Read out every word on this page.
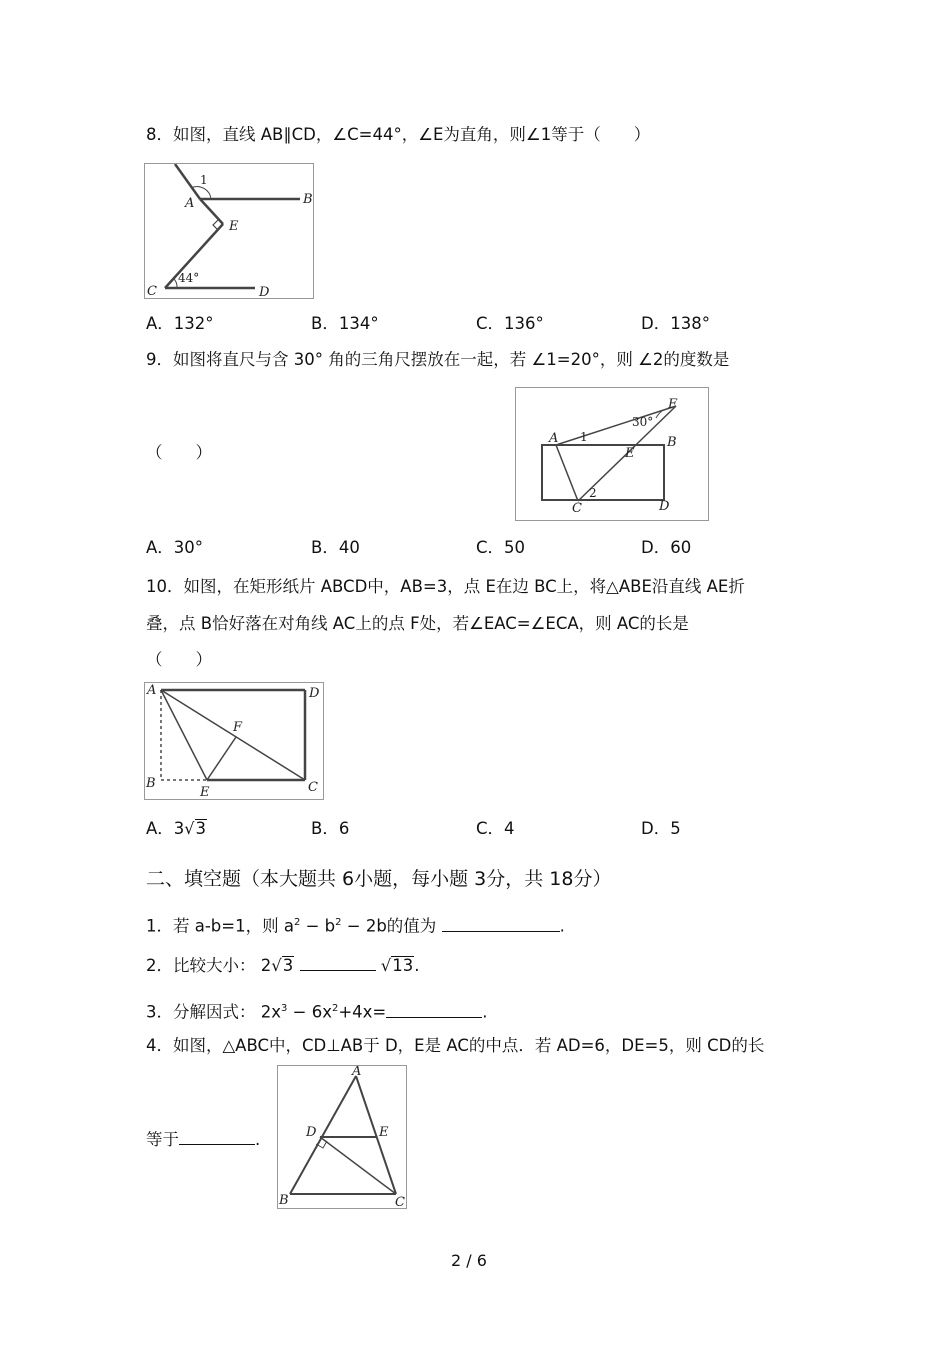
8．如图，直线 AB∥CD，∠C=44°，∠E为直角，则∠1等于（　　）
1
A	B
E
C	D
44°
A．132°	B．134°	C．136°	D．138°
9．如图将直尺与含 30° 角的三角尺摆放在一起，若 ∠1=20°，则 ∠2的度数是
（　　）
A 1
F
30°
B
E
C
2
D
A．30°	B．40	C．50	D．60
10．如图，在矩形纸片 ABCD中，AB=3，点 E在边 BC上，将△ABE沿直线 AE折
叠，点 B恰好落在对角线 AC上的点 F处，若∠EAC=∠ECA，则 AC的长是
（　　）
A	D
F
B
E	C
A．3√3	B．6	C．4	D．5
二、填空题（本大题共 6小题，每小题 3分，共 18分）
1．若 a-b=1，则 $a^2 - b^2 - 2b$的值为	.
2．比较大小： 2√3	√13.
3．分解因式： $2x^3 - 6x^2+4x=$	.
4．如图，△ABC中，CD⊥AB于 D，E是 AC的中点．若 AD=6，DE=5，则 CD的长
等于	.
A
D	E
B	C
2 / 6
